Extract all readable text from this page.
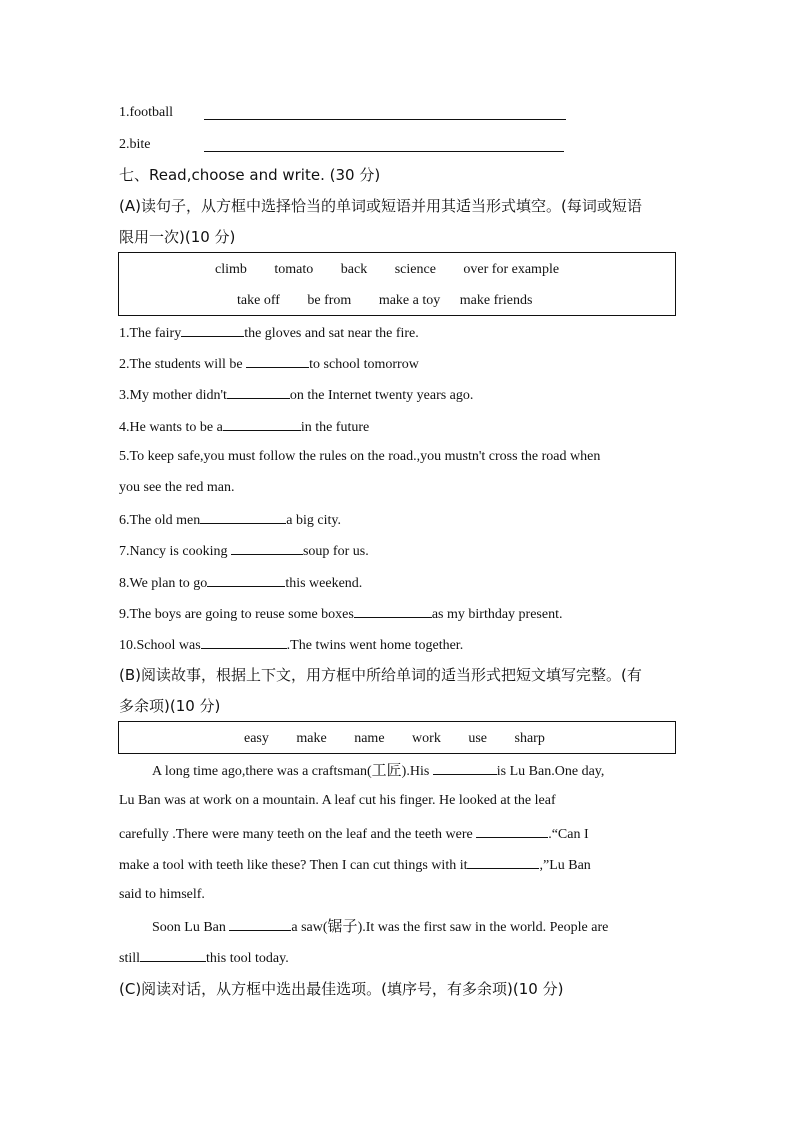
1.football
2.bite
七、Read,choose and write. (30 分)
(A)读句子，从方框中选择恰当的单词或短语并用其适当形式填空。(每词或短语
限用一次)(10 分)
climb tomato back science over for example
take off be from make a toy make friends
1.The fairy	the gloves and sat near the fire.
2.The students will be	to school tomorrow
3.My mother didn't	on the Internet twenty years ago.
4.He wants to be a	in the future
5.To keep safe,you must follow the rules on the road.,you mustn't cross the road when
you see the red man.
6.The old men	a big city.
7.Nancy is cooking	soup for us.
8.We plan to go	this weekend.
9.The boys are going to reuse some boxes	as my birthday present.
10.School was	.The twins went home together.
(B)阅读故事，根据上下文，用方框中所给单词的适当形式把短文填写完整。(有
多余项)(10 分)
easy make name work use sharp
A long time ago,there was a craftsman(工匠).His	is Lu Ban.One day,
Lu Ban was at work on a mountain. A leaf cut his finger. He looked at the leaf
carefully .There were many teeth on the leaf and the teeth were	.“Can I
make a tool with teeth like these? Then I can cut things with it	,”Lu Ban
said to himself.
Soon Lu Ban	a saw(锯子).It was the first saw in the world. People are
still	this tool today.
(C)阅读对话，从方框中选出最佳选项。(填序号，有多余项)(10 分)
